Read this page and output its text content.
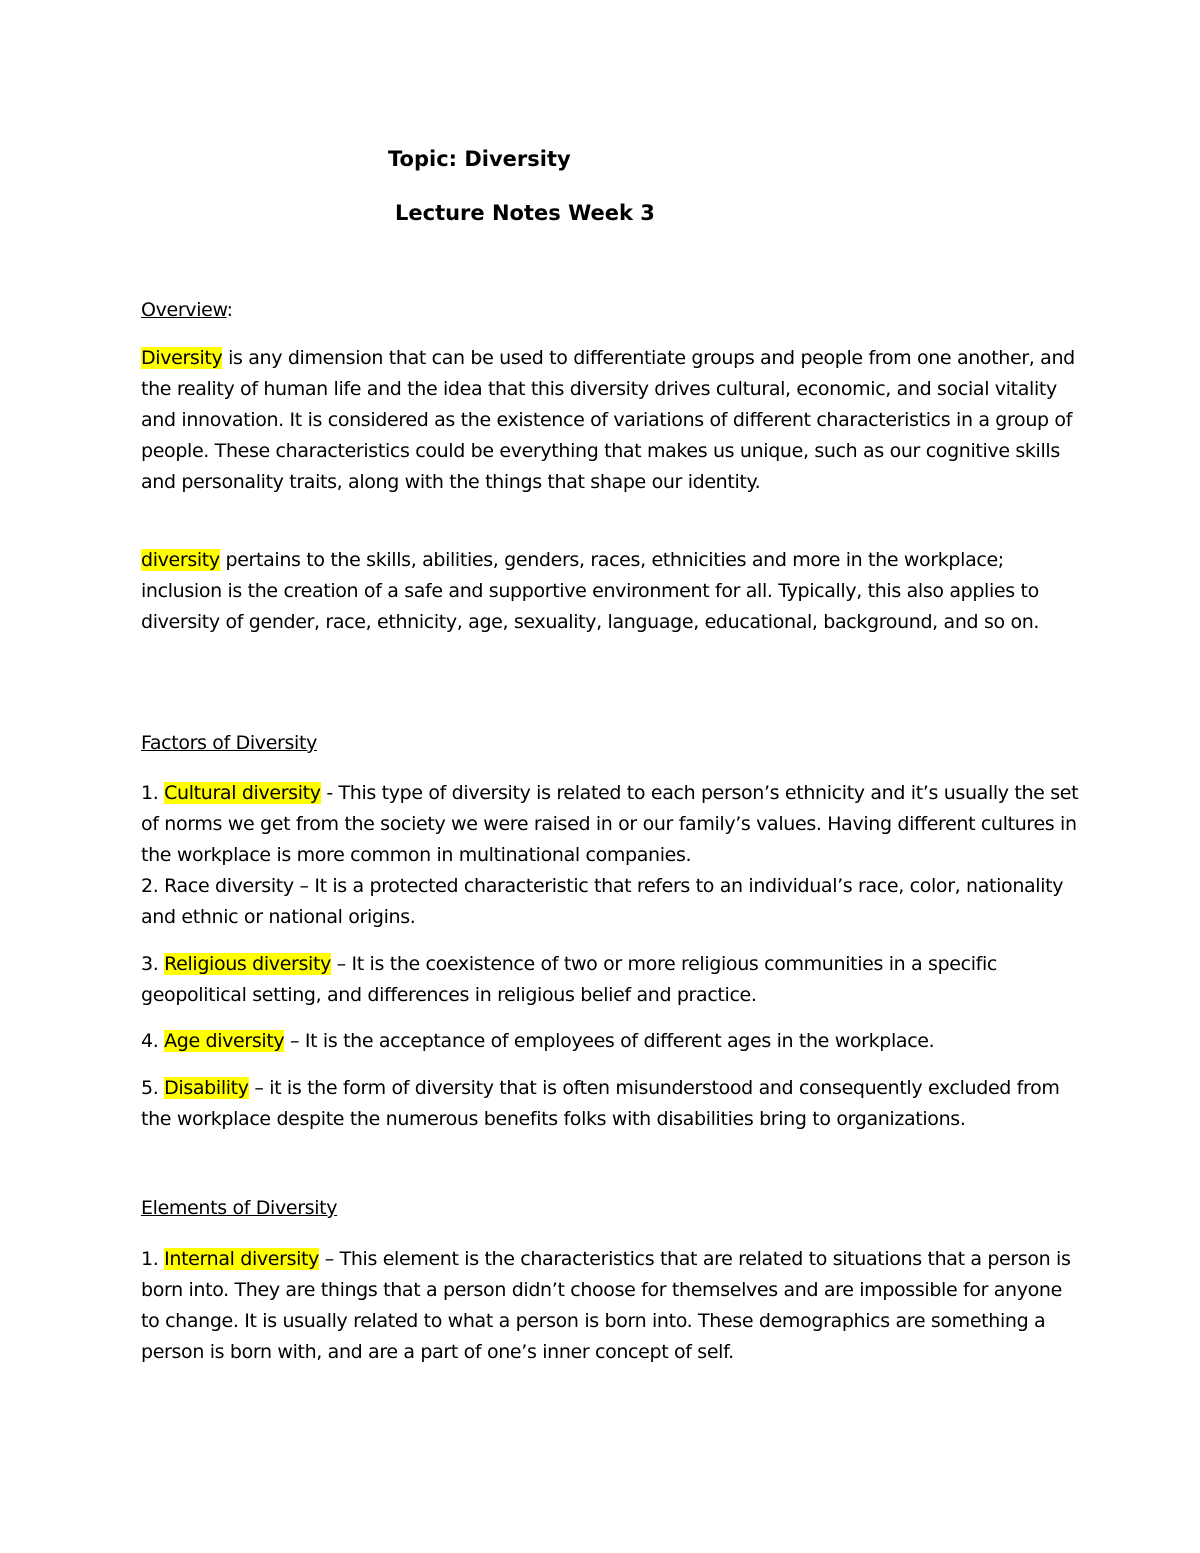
Topic: Diversity
Lecture Notes Week 3
Overview:

Diversity is any dimension that can be used to differentiate groups and people from one another, and the reality of human life and the idea that this diversity drives cultural, economic, and social vitality and innovation. It is considered as the existence of variations of different characteristics in a group of people. These characteristics could be everything that makes us unique, such as our cognitive skills and personality traits, along with the things that shape our identity.

diversity pertains to the skills, abilities, genders, races, ethnicities and more in the workplace; inclusion is the creation of a safe and supportive environment for all. Typically, this also applies to diversity of gender, race, ethnicity, age, sexuality, language, educational, background, and so on.

Factors of Diversity

1. Cultural diversity - This type of diversity is related to each person’s ethnicity and it’s usually the set of norms we get from the society we were raised in or our family’s values. Having different cultures in the workplace is more common in multinational companies.

2. Race diversity – It is a protected characteristic that refers to an individual’s race, color, nationality and ethnic or national origins.

3. Religious diversity – It is the coexistence of two or more religious communities in a specific geopolitical setting, and differences in religious belief and practice.

4. Age diversity – It is the acceptance of employees of different ages in the workplace.

5. Disability – it is the form of diversity that is often misunderstood and consequently excluded from the workplace despite the numerous benefits folks with disabilities bring to organizations.

Elements of Diversity

1. Internal diversity – This element is the characteristics that are related to situations that a person is born into. They are things that a person didn’t choose for themselves and are impossible for anyone to change. It is usually related to what a person is born into. These demographics are something a person is born with, and are a part of one’s inner concept of self.
